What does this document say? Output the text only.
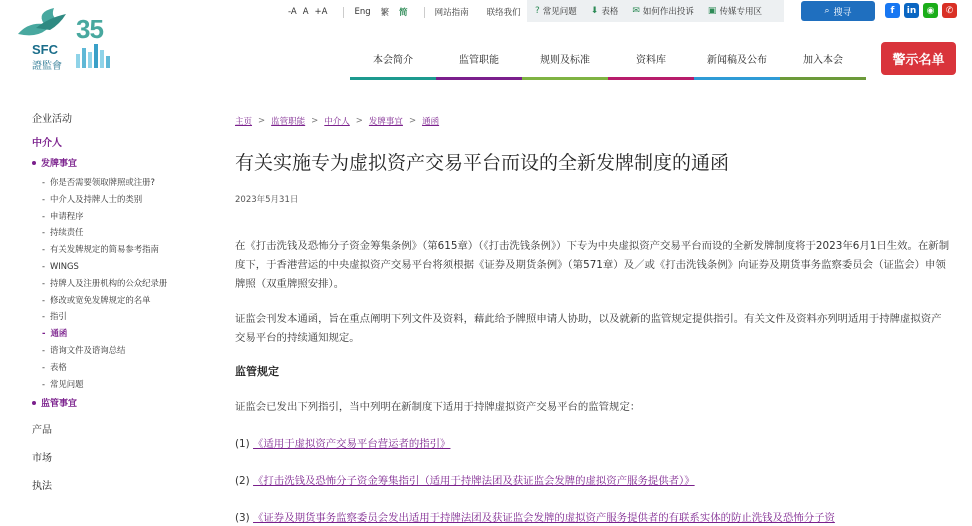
35
SFC
證監會
-A A +A	Eng 繁 简	网站指南 联络我们 ? 常见问题 ⬇ 表格 ✉ 如何作出投诉 ▣ 传媒专用区	⌕ 搜寻	f	in	◉	✆
本会简介	监管职能	规则及标准	资料库	新闻稿及公布	加入本会	警示名单
企业活动
中介人
发牌事宜
- 你是否需要领取牌照或注册?
- 中介人及持牌人士的类别
- 申请程序
- 持续责任
- 有关发牌规定的简易参考指南
- WINGS
- 持牌人及注册机构的公众纪录册
- 修改或宽免发牌规定的名单
- 指引
- 通函
- 谘询文件及谘询总结
- 表格
- 常见问题
监管事宜
产品
市场
执法
主页 > 监管职能 > 中介人 > 发牌事宜 > 通函
有关实施专为虚拟资产交易平台而设的全新发牌制度的通函
2023年5月31日
在《打击洗钱及恐怖分子资金筹集条例》（第615章）（《打击洗钱条例》）下专为中央虚拟资产交易平台而设的全新发牌制度将于2023年6月1日生效。在新制度下，于香港营运的中央虚拟资产交易平台将须根据《证券及期货条例》（第571章）及／或《打击洗钱条例》向证券及期货事务监察委员会（证监会）申领牌照（双重牌照安排）。
证监会刊发本通函，旨在重点阐明下列文件及资料，藉此给予牌照申请人协助，以及就新的监管规定提供指引。有关文件及资料亦列明适用于持牌虚拟资产交易平台的持续通知规定。
监管规定
证监会已发出下列指引，当中列明在新制度下适用于持牌虚拟资产交易平台的监管规定：
(1) 《适用于虚拟资产交易平台营运者的指引》
(2) 《打击洗钱及恐怖分子资金筹集指引（适用于持牌法团及获证监会发牌的虚拟资产服务提供者）》
(3) 《证券及期货事务监察委员会发出适用于持牌法团及获证监会发牌的虚拟资产服务提供者的有联系实体的防止洗钱及恐怖分子资
